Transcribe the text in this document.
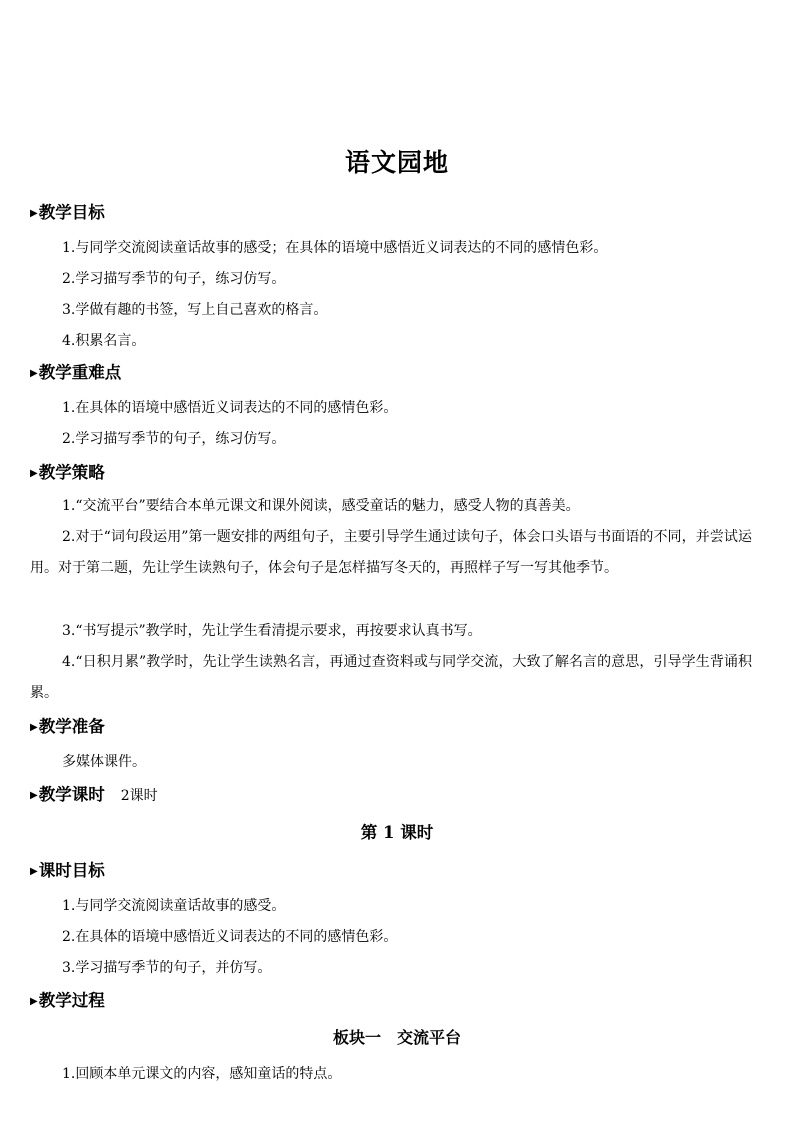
语文园地
▶教学目标
1.与同学交流阅读童话故事的感受；在具体的语境中感悟近义词表达的不同的感情色彩。
2.学习描写季节的句子，练习仿写。
3.学做有趣的书签，写上自己喜欢的格言。
4.积累名言。
▶教学重难点
1.在具体的语境中感悟近义词表达的不同的感情色彩。
2.学习描写季节的句子，练习仿写。
▶教学策略
1.“交流平台”要结合本单元课文和课外阅读，感受童话的魅力，感受人物的真善美。
2.对于“词句段运用”第一题安排的两组句子，主要引导学生通过读句子，体会口头语与书面语的不同，并尝试运用。对于第二题，先让学生读熟句子，体会句子是怎样描写冬天的，再照样子写一写其他季节。
3.“书写提示”教学时，先让学生看清提示要求，再按要求认真书写。
4.“日积月累”教学时，先让学生读熟名言，再通过查资料或与同学交流，大致了解名言的意思，引导学生背诵积累。
▶教学准备
多媒体课件。
▶教学课时 2课时
第 1 课时
▶课时目标
1.与同学交流阅读童话故事的感受。
2.在具体的语境中感悟近义词表达的不同的感情色彩。
3.学习描写季节的句子，并仿写。
▶教学过程
板块一　交流平台
1.回顾本单元课文的内容，感知童话的特点。
